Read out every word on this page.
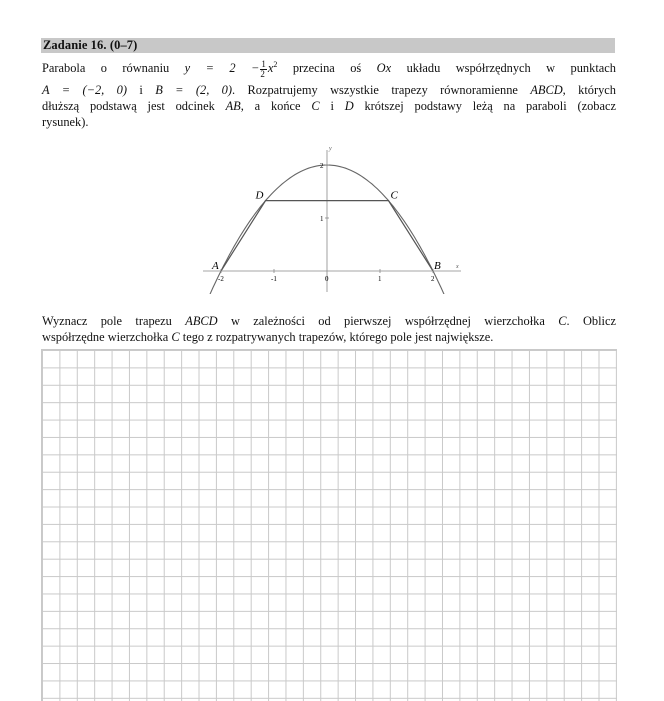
Zadanie 16. (0–7)
Parabola o równaniu $y = 2 - \frac{1}{2} x^2$ przecina oś Ox układu współrzędnych w punktach
A = (−2, 0) i B = (2, 0). Rozpatrujemy wszystkie trapezy równoramienne ABCD, których
dłuższą podstawą jest odcinek AB, a końce C i D krótszej podstawy leżą na paraboli (zobacz
rysunek).
A	B
C
D
x
y
-2	-1	0	1	2
1
2
Wyznacz pole trapezu ABCD w zależności od pierwszej współrzędnej wierzchołka C. Oblicz
współrzędne wierzchołka C tego z rozpatrywanych trapezów, którego pole jest największe.
